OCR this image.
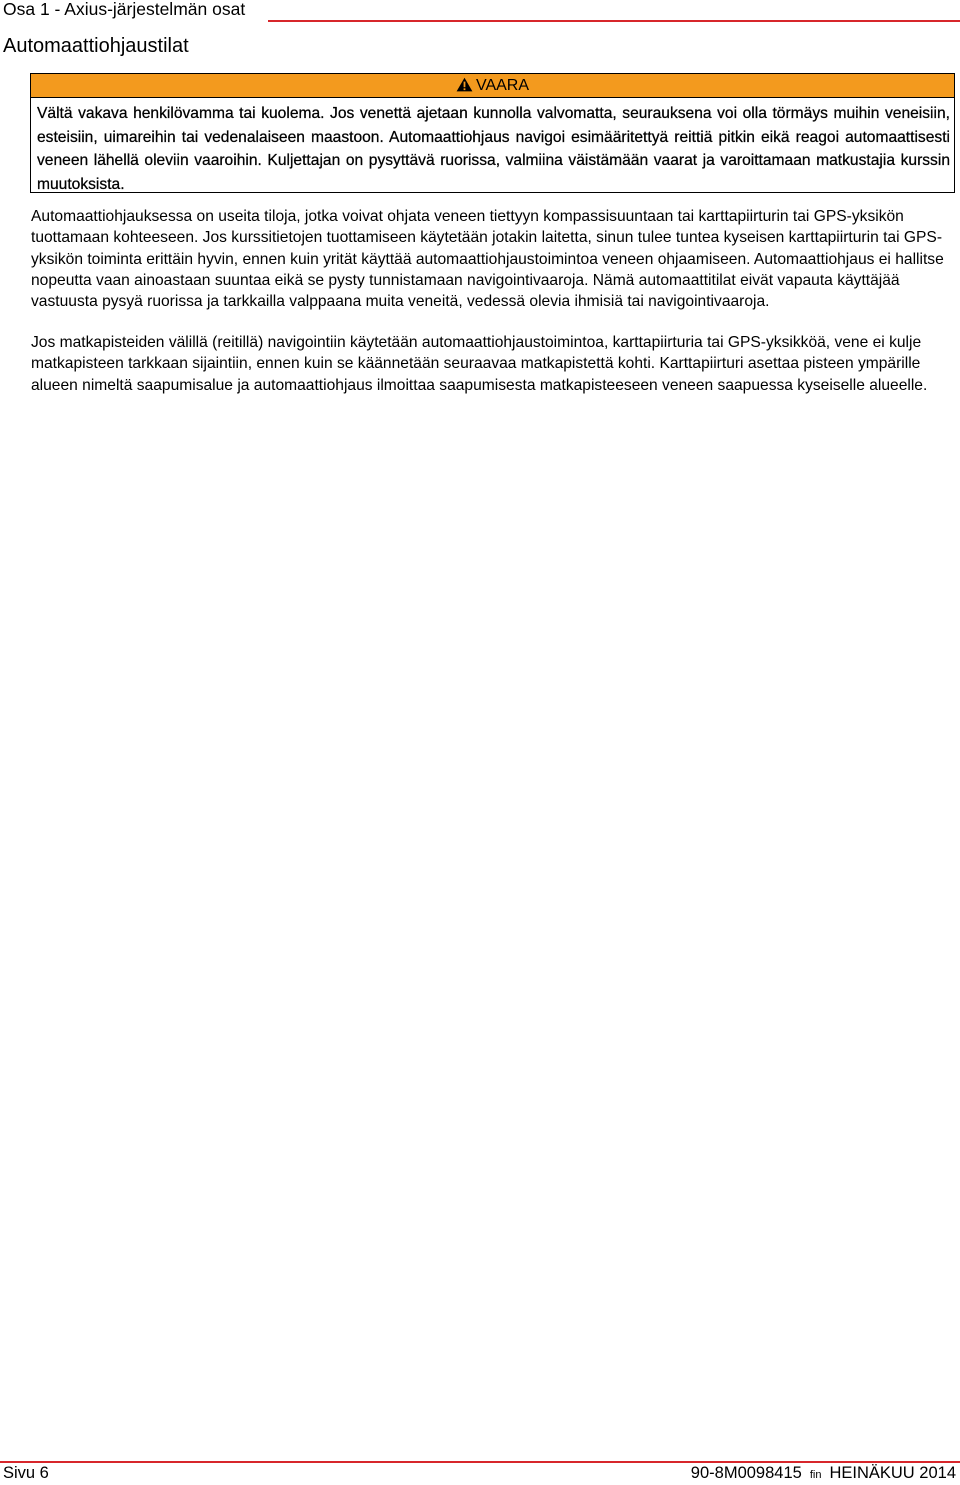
Osa 1 - Axius-järjestelmän osat
Automaattiohjaustilat
VAARA
Vältä vakava henkilövamma tai kuolema. Jos venettä ajetaan kunnolla valvomatta, seurauksena voi olla törmäys muihin veneisiin, esteisiin, uimareihin tai vedenalaiseen maastoon. Automaattiohjaus navigoi esimääritettyä reittiä pitkin eikä reagoi automaattisesti veneen lähellä oleviin vaaroihin. Kuljettajan on pysyttävä ruorissa, valmiina väistämään vaarat ja varoittamaan matkustajia kurssin muutoksista.
Automaattiohjauksessa on useita tiloja, jotka voivat ohjata veneen tiettyyn kompassisuuntaan tai karttapiirturin tai GPS-yksikön tuottamaan kohteeseen. Jos kurssitietojen tuottamiseen käytetään jotakin laitetta, sinun tulee tuntea kyseisen karttapiirturin tai GPS-yksikön toiminta erittäin hyvin, ennen kuin yrität käyttää automaattiohjaustoimintoa veneen ohjaamiseen. Automaattiohjaus ei hallitse nopeutta vaan ainoastaan suuntaa eikä se pysty tunnistamaan navigointivaaroja. Nämä automaattitilat eivät vapauta käyttäjää vastuusta pysyä ruorissa ja tarkkailla valppaana muita veneitä, vedessä olevia ihmisiä tai navigointivaaroja.
Jos matkapisteiden välillä (reitillä) navigointiin käytetään automaattiohjaustoimintoa, karttapiirturia tai GPS-yksikköä, vene ei kulje matkapisteen tarkkaan sijaintiin, ennen kuin se käännetään seuraavaa matkapistettä kohti. Karttapiirturi asettaa pisteen ympärille alueen nimeltä saapumisalue ja automaattiohjaus ilmoittaa saapumisesta matkapisteeseen veneen saapuessa kyseiselle alueelle.
Sivu 6	90-8M0098415 fin HEINÄKUU 2014
